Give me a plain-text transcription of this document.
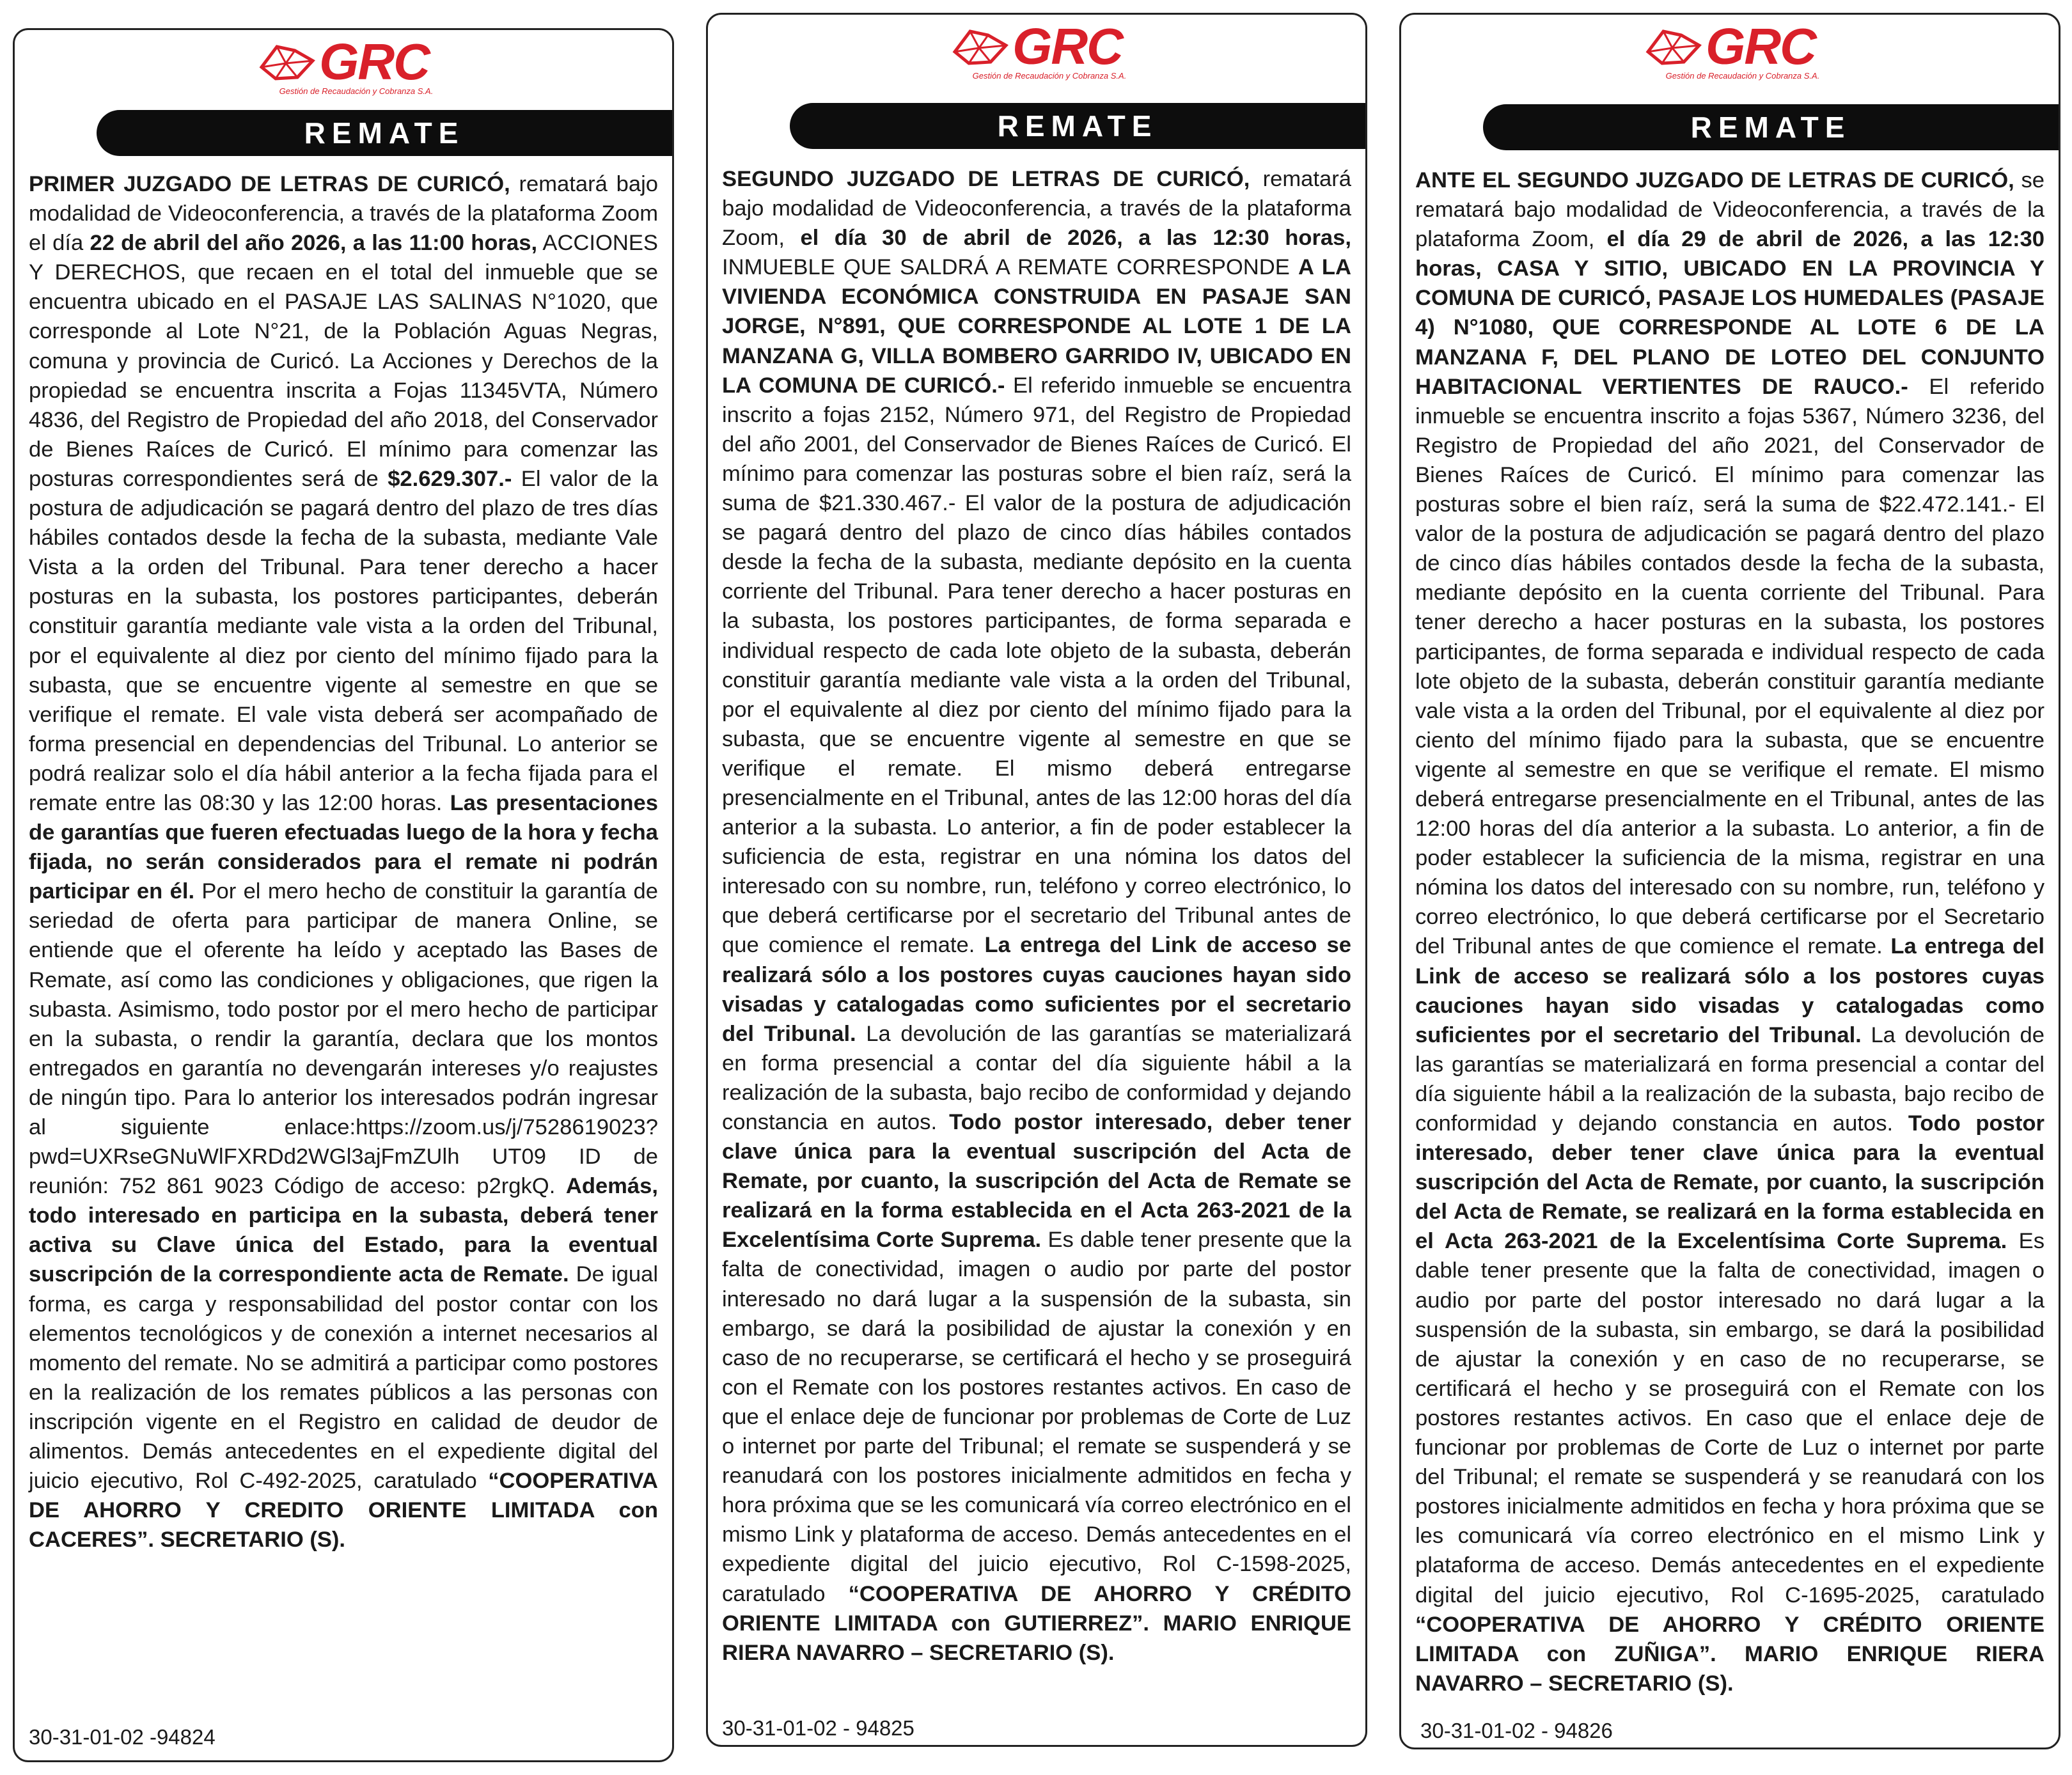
GRC
Gestión de Recaudación y Cobranza S.A.
REMATE
PRIMER JUZGADO DE LETRAS DE CURICÓ, rematará bajo modalidad de Videoconferencia, a través de la plataforma Zoom el día 22 de abril del año 2026, a las 11:00 horas, ACCIONES Y DERECHOS, que recaen en el total del inmueble que se encuentra ubicado en el PASAJE LAS SALINAS N°1020, que corresponde al Lote N°21, de la Población Aguas Negras, comuna y provincia de Curicó. La Acciones y Derechos de la propiedad se encuentra inscrita a Fojas 11345VTA, Número 4836, del Registro de Propiedad del año 2018, del Conservador de Bienes Raíces de Curicó. El mínimo para comenzar las posturas correspondientes será de $2.629.307.- El valor de la postura de adjudicación se pagará dentro del plazo de tres días hábiles contados desde la fecha de la subasta, mediante Vale Vista a la orden del Tribunal. Para tener derecho a hacer posturas en la subasta, los postores participantes, deberán constituir garantía mediante vale vista a la orden del Tribunal, por el equivalente al diez por ciento del mínimo fijado para la subasta, que se encuentre vigente al semestre en que se verifique el remate. El vale vista deberá ser acompañado de forma presencial en dependencias del Tribunal. Lo anterior se podrá realizar solo el día hábil anterior a la fecha fijada para el remate entre las 08:30 y las 12:00 horas. Las presentaciones de garantías que fueren efectuadas luego de la hora y fecha fijada, no serán considerados para el remate ni podrán participar en él. Por el mero hecho de constituir la garantía de seriedad de oferta para participar de manera Online, se entiende que el oferente ha leído y aceptado las Bases de Remate, así como las condiciones y obligaciones, que rigen la subasta. Asimismo, todo postor por el mero hecho de participar en la subasta, o rendir la garantía, declara que los montos entregados en garantía no devengarán intereses y/o reajustes de ningún tipo. Para lo anterior los interesados podrán ingresar al siguiente enlace:https://zoom.us/j/7528619023?pwd=UXRseGNuWlFXRDd2WGl3ajFmZUlh UT09 ID de reunión: 752 861 9023 Código de acceso: p2rgkQ. Además, todo interesado en participa en la subasta, deberá tener activa su Clave única del Estado, para la eventual suscripción de la correspondiente acta de Remate. De igual forma, es carga y responsabilidad del postor contar con los elementos tecnológicos y de conexión a internet necesarios al momento del remate. No se admitirá a participar como postores en la realización de los remates públicos a las personas con inscripción vigente en el Registro en calidad de deudor de alimentos. Demás antecedentes en el expediente digital del juicio ejecutivo, Rol C-492-2025, caratulado “COOPERATIVA DE AHORRO Y CREDITO ORIENTE LIMITADA con CACERES”. SECRETARIO (S).
30-31-01-02 -94824
GRC
Gestión de Recaudación y Cobranza S.A.
REMATE
SEGUNDO JUZGADO DE LETRAS DE CURICÓ, rematará bajo modalidad de Videoconferencia, a través de la plataforma Zoom, el día 30 de abril de 2026, a las 12:30 horas, INMUEBLE QUE SALDRÁ A REMATE CORRESPONDE A LA VIVIENDA ECONÓMICA CONSTRUIDA EN PASAJE SAN JORGE, N°891, QUE CORRESPONDE AL LOTE 1 DE LA MANZANA G, VILLA BOMBERO GARRIDO IV, UBICADO EN LA COMUNA DE CURICÓ.- El referido inmueble se encuentra inscrito a fojas 2152, Número 971, del Registro de Propiedad del año 2001, del Conservador de Bienes Raíces de Curicó. El mínimo para comenzar las posturas sobre el bien raíz, será la suma de $21.330.467.- El valor de la postura de adjudicación se pagará dentro del plazo de cinco días hábiles contados desde la fecha de la subasta, mediante depósito en la cuenta corriente del Tribunal. Para tener derecho a hacer posturas en la subasta, los postores participantes, de forma separada e individual respecto de cada lote objeto de la subasta, deberán constituir garantía mediante vale vista a la orden del Tribunal, por el equivalente al diez por ciento del mínimo fijado para la subasta, que se encuentre vigente al semestre en que se verifique el remate. El mismo deberá entregarse presencialmente en el Tribunal, antes de las 12:00 horas del día anterior a la subasta. Lo anterior, a fin de poder establecer la suficiencia de esta, registrar en una nómina los datos del interesado con su nombre, run, teléfono y correo electrónico, lo que deberá certificarse por el secretario del Tribunal antes de que comience el remate. La entrega del Link de acceso se realizará sólo a los postores cuyas cauciones hayan sido visadas y catalogadas como suficientes por el secretario del Tribunal. La devolución de las garantías se materializará en forma presencial a contar del día siguiente hábil a la realización de la subasta, bajo recibo de conformidad y dejando constancia en autos. Todo postor interesado, deber tener clave única para la eventual suscripción del Acta de Remate, por cuanto, la suscripción del Acta de Remate se realizará en la forma establecida en el Acta 263-2021 de la Excelentísima Corte Suprema. Es dable tener presente que la falta de conectividad, imagen o audio por parte del postor interesado no dará lugar a la suspensión de la subasta, sin embargo, se dará la posibilidad de ajustar la conexión y en caso de no recuperarse, se certificará el hecho y se proseguirá con el Remate con los postores restantes activos. En caso de que el enlace deje de funcionar por problemas de Corte de Luz o internet por parte del Tribunal; el remate se suspenderá y se reanudará con los postores inicialmente admitidos en fecha y hora próxima que se les comunicará vía correo electrónico en el mismo Link y plataforma de acceso. Demás antecedentes en el expediente digital del juicio ejecutivo, Rol C-1598-2025, caratulado “COOPERATIVA DE AHORRO Y CRÉDITO ORIENTE LIMITADA con GUTIERREZ”. MARIO ENRIQUE RIERA NAVARRO – SECRETARIO (S).
30-31-01-02 - 94825
GRC
Gestión de Recaudación y Cobranza S.A.
REMATE
ANTE EL SEGUNDO JUZGADO DE LETRAS DE CURICÓ, se rematará bajo modalidad de Videoconferencia, a través de la plataforma Zoom, el día 29 de abril de 2026, a las 12:30 horas, CASA Y SITIO, UBICADO EN LA PROVINCIA Y COMUNA DE CURICÓ, PASAJE LOS HUMEDALES (PASAJE 4) N°1080, QUE CORRESPONDE AL LOTE 6 DE LA MANZANA F, DEL PLANO DE LOTEO DEL CONJUNTO HABITACIONAL VERTIENTES DE RAUCO.- El referido inmueble se encuentra inscrito a fojas 5367, Número 3236, del Registro de Propiedad del año 2021, del Conservador de Bienes Raíces de Curicó. El mínimo para comenzar las posturas sobre el bien raíz, será la suma de $22.472.141.- El valor de la postura de adjudicación se pagará dentro del plazo de cinco días hábiles contados desde la fecha de la subasta, mediante depósito en la cuenta corriente del Tribunal. Para tener derecho a hacer posturas en la subasta, los postores participantes, de forma separada e individual respecto de cada lote objeto de la subasta, deberán constituir garantía mediante vale vista a la orden del Tribunal, por el equivalente al diez por ciento del mínimo fijado para la subasta, que se encuentre vigente al semestre en que se verifique el remate. El mismo deberá entregarse presencialmente en el Tribunal, antes de las 12:00 horas del día anterior a la subasta. Lo anterior, a fin de poder establecer la suficiencia de la misma, registrar en una nómina los datos del interesado con su nombre, run, teléfono y correo electrónico, lo que deberá certificarse por el Secretario del Tribunal antes de que comience el remate. La entrega del Link de acceso se realizará sólo a los postores cuyas cauciones hayan sido visadas y catalogadas como suficientes por el secretario del Tribunal. La devolución de las garantías se materializará en forma presencial a contar del día siguiente hábil a la realización de la subasta, bajo recibo de conformidad y dejando constancia en autos. Todo postor interesado, deber tener clave única para la eventual suscripción del Acta de Remate, por cuanto, la suscripción del Acta de Remate, se realizará en la forma establecida en el Acta 263-2021 de la Excelentísima Corte Suprema. Es dable tener presente que la falta de conectividad, imagen o audio por parte del postor interesado no dará lugar a la suspensión de la subasta, sin embargo, se dará la posibilidad de ajustar la conexión y en caso de no recuperarse, se certificará el hecho y se proseguirá con el Remate con los postores restantes activos. En caso que el enlace deje de funcionar por problemas de Corte de Luz o internet por parte del Tribunal; el remate se suspenderá y se reanudará con los postores inicialmente admitidos en fecha y hora próxima que se les comunicará vía correo electrónico en el mismo Link y plataforma de acceso. Demás antecedentes en el expediente digital del juicio ejecutivo, Rol C-1695-2025, caratulado “COOPERATIVA DE AHORRO Y CRÉDITO ORIENTE LIMITADA con ZUÑIGA”. MARIO ENRIQUE RIERA NAVARRO – SECRETARIO (S).
30-31-01-02 - 94826
